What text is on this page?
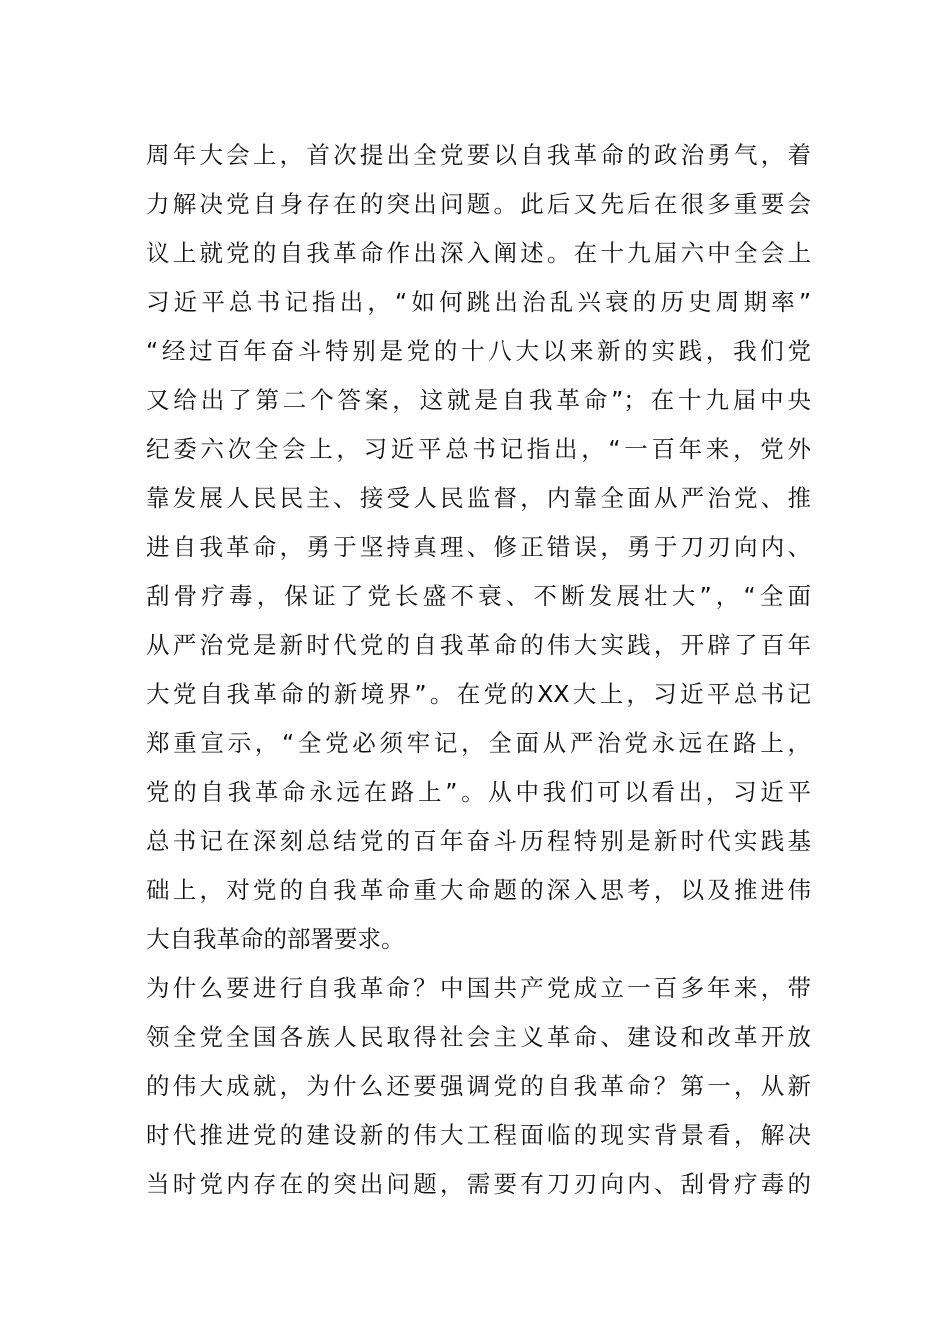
周年大会上，首次提出全党要以自我革命的政治勇气，着
力解决党自身存在的突出问题。此后又先后在很多重要会
议上就党的自我革命作出深入阐述。在十九届六中全会上
习近平总书记指出，“如何跳出治乱兴衰的历史周期率”
“经过百年奋斗特别是党的十八大以来新的实践，我们党
又给出了第二个答案，这就是自我革命”；在十九届中央
纪委六次全会上，习近平总书记指出，“一百年来，党外
靠发展人民民主、接受人民监督，内靠全面从严治党、推
进自我革命，勇于坚持真理、修正错误，勇于刀刃向内、
刮骨疗毒，保证了党长盛不衰、不断发展壮大”，“全面
从严治党是新时代党的自我革命的伟大实践，开辟了百年
大党自我革命的新境界”。在党的XX大上，习近平总书记
郑重宣示，“全党必须牢记，全面从严治党永远在路上，
党的自我革命永远在路上”。从中我们可以看出，习近平
总书记在深刻总结党的百年奋斗历程特别是新时代实践基
础上，对党的自我革命重大命题的深入思考，以及推进伟
大自我革命的部署要求。
为什么要进行自我革命？中国共产党成立一百多年来，带
领全党全国各族人民取得社会主义革命、建设和改革开放
的伟大成就，为什么还要强调党的自我革命？第一，从新
时代推进党的建设新的伟大工程面临的现实背景看，解决
当时党内存在的突出问题，需要有刀刃向内、刮骨疗毒的
